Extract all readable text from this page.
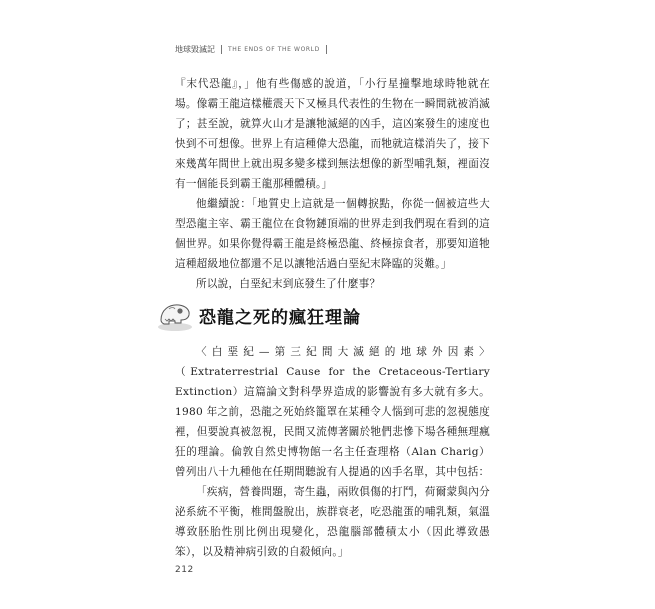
地球毀滅記 THE ENDS OF THE WORLD

『末代恐龍』，」他有些傷感的說道，「小行星撞擊地球時牠就在場。像霸王龍這樣權震天下又極具代表性的生物在一瞬間就被消滅了；甚至說，就算火山才是讓牠滅絕的凶手，這凶案發生的速度也快到不可想像。世界上有這種偉大恐龍，而牠就這樣消失了，接下來幾萬年間世上就出現多變多樣到無法想像的新型哺乳類，裡面沒有一個能長到霸王龍那種體積。」

他繼續說：「地質史上這就是一個轉捩點，你從一個被這些大型恐龍主宰、霸王龍位在食物鏈頂端的世界走到我們現在看到的這個世界。如果你覺得霸王龍是終極恐龍、終極掠食者，那要知道牠這種超級地位都還不足以讓牠活過白堊紀末降臨的災難。」

所以說，白堊紀末到底發生了什麼事？

恐龍之死的瘋狂理論

〈白堊紀—第三紀間大滅絕的地球外因素〉（Extraterrestrial Cause for the Cretaceous-Tertiary Extinction）這篇論文對科學界造成的影響說有多大就有多大。1980 年之前，恐龍之死始終籠罩在某種令人惱到可悲的忽視態度裡，但要說真被忽視，民間又流傳著關於牠們悲慘下場各種無理瘋狂的理論。倫敦自然史博物館一名主任查理格（Alan Charig）曾列出八十九種他在任期間聽說有人提過的凶手名單，其中包括：

「疾病，營養問題，寄生蟲，兩敗俱傷的打鬥，荷爾蒙與內分泌系統不平衡，椎間盤脫出，族群衰老，吃恐龍蛋的哺乳類，氣溫導致胚胎性別比例出現變化，恐龍腦部體積太小（因此導致愚笨），以及精神病引致的自殺傾向。」

212
